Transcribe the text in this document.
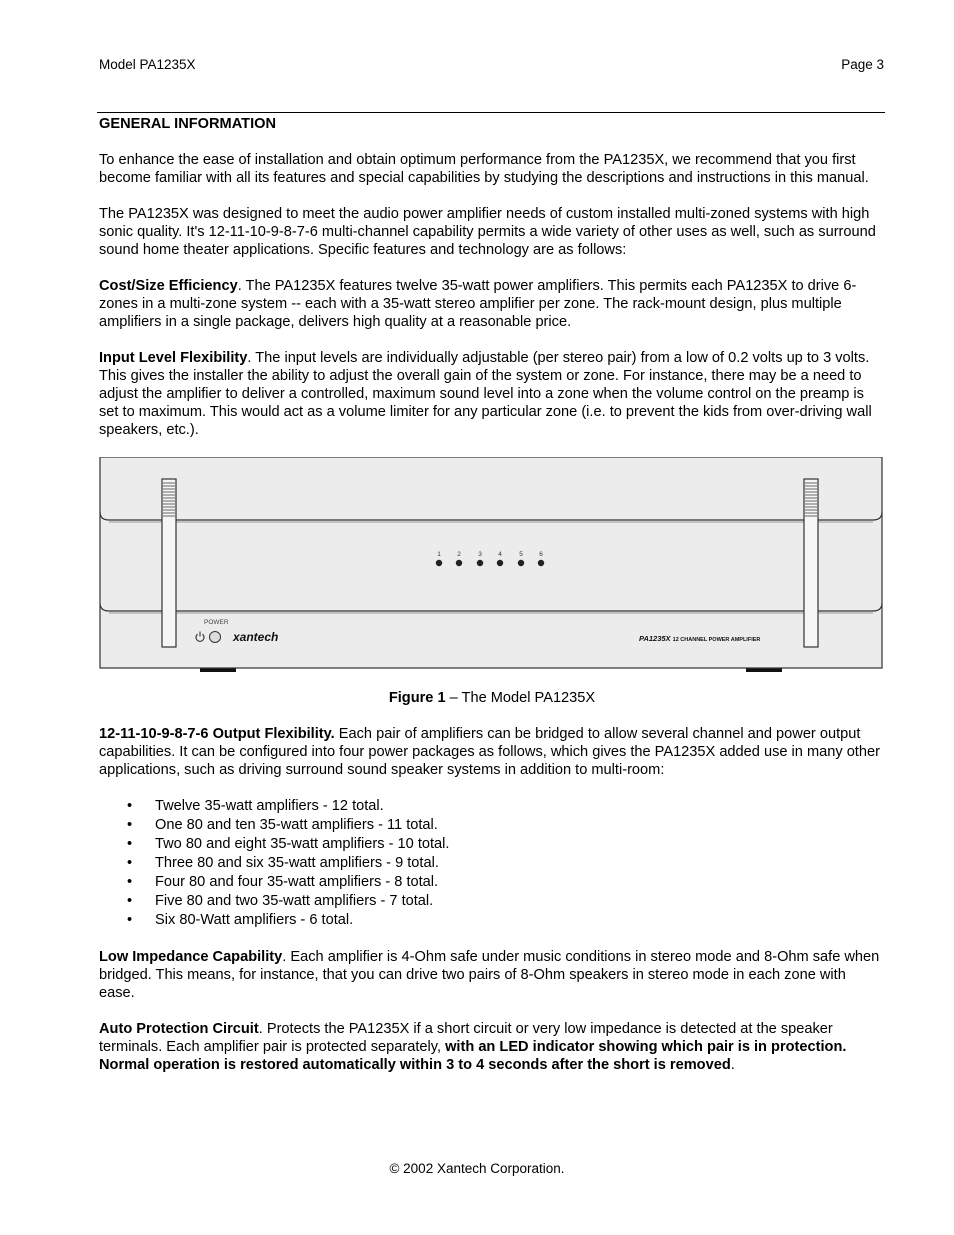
Model PA1235X	Page 3
GENERAL INFORMATION

To enhance the ease of installation and obtain optimum performance from the PA1235X, we recommend that you first become familiar with all its features and special capabilities by studying the descriptions and instructions in this manual.

The PA1235X was designed to meet the audio power amplifier needs of custom installed multi-zoned systems with high sonic quality. It's 12-11-10-9-8-7-6 multi-channel capability permits a wide variety of other uses as well, such as surround sound home theater applications. Specific features and technology are as follows:

Cost/Size Efficiency. The PA1235X features twelve 35-watt power amplifiers. This permits each PA1235X to drive 6-zones in a multi-zone system -- each with a 35-watt stereo amplifier per zone. The rack-mount design, plus multiple amplifiers in a single package, delivers high quality at a reasonable price.

Input Level Flexibility. The input levels are individually adjustable (per stereo pair) from a low of 0.2 volts up to 3 volts. This gives the installer the ability to adjust the overall gain of the system or zone. For instance, there may be a need to adjust the amplifier to deliver a controlled, maximum sound level into a zone when the volume control on the preamp is set to maximum. This would act as a volume limiter for any particular zone (i.e. to prevent the kids from over-driving wall speakers, etc.).

1	2	3	4	5	6
POWER
xantech	PA1235X 12 CHANNEL POWER AMPLIFIER
Figure 1 – The Model PA1235X

12-11-10-9-8-7-6 Output Flexibility. Each pair of amplifiers can be bridged to allow several channel and power output capabilities. It can be configured into four power packages as follows, which gives the PA1235X added use in many other applications, such as driving surround sound speaker systems in addition to multi-room:

• Twelve 35-watt amplifiers - 12 total.
• One 80 and ten 35-watt amplifiers - 11 total.
• Two 80 and eight 35-watt amplifiers - 10 total.
• Three 80 and six 35-watt amplifiers - 9 total.
• Four 80 and four 35-watt amplifiers - 8 total.
• Five 80 and two 35-watt amplifiers - 7 total.
• Six 80-Watt amplifiers - 6 total.

Low Impedance Capability. Each amplifier is 4-Ohm safe under music conditions in stereo mode and 8-Ohm safe when bridged. This means, for instance, that you can drive two pairs of 8-Ohm speakers in stereo mode in each zone with ease.

Auto Protection Circuit. Protects the PA1235X if a short circuit or very low impedance is detected at the speaker terminals. Each amplifier pair is protected separately, with an LED indicator showing which pair is in protection. Normal operation is restored automatically within 3 to 4 seconds after the short is removed.

© 2002 Xantech Corporation.
